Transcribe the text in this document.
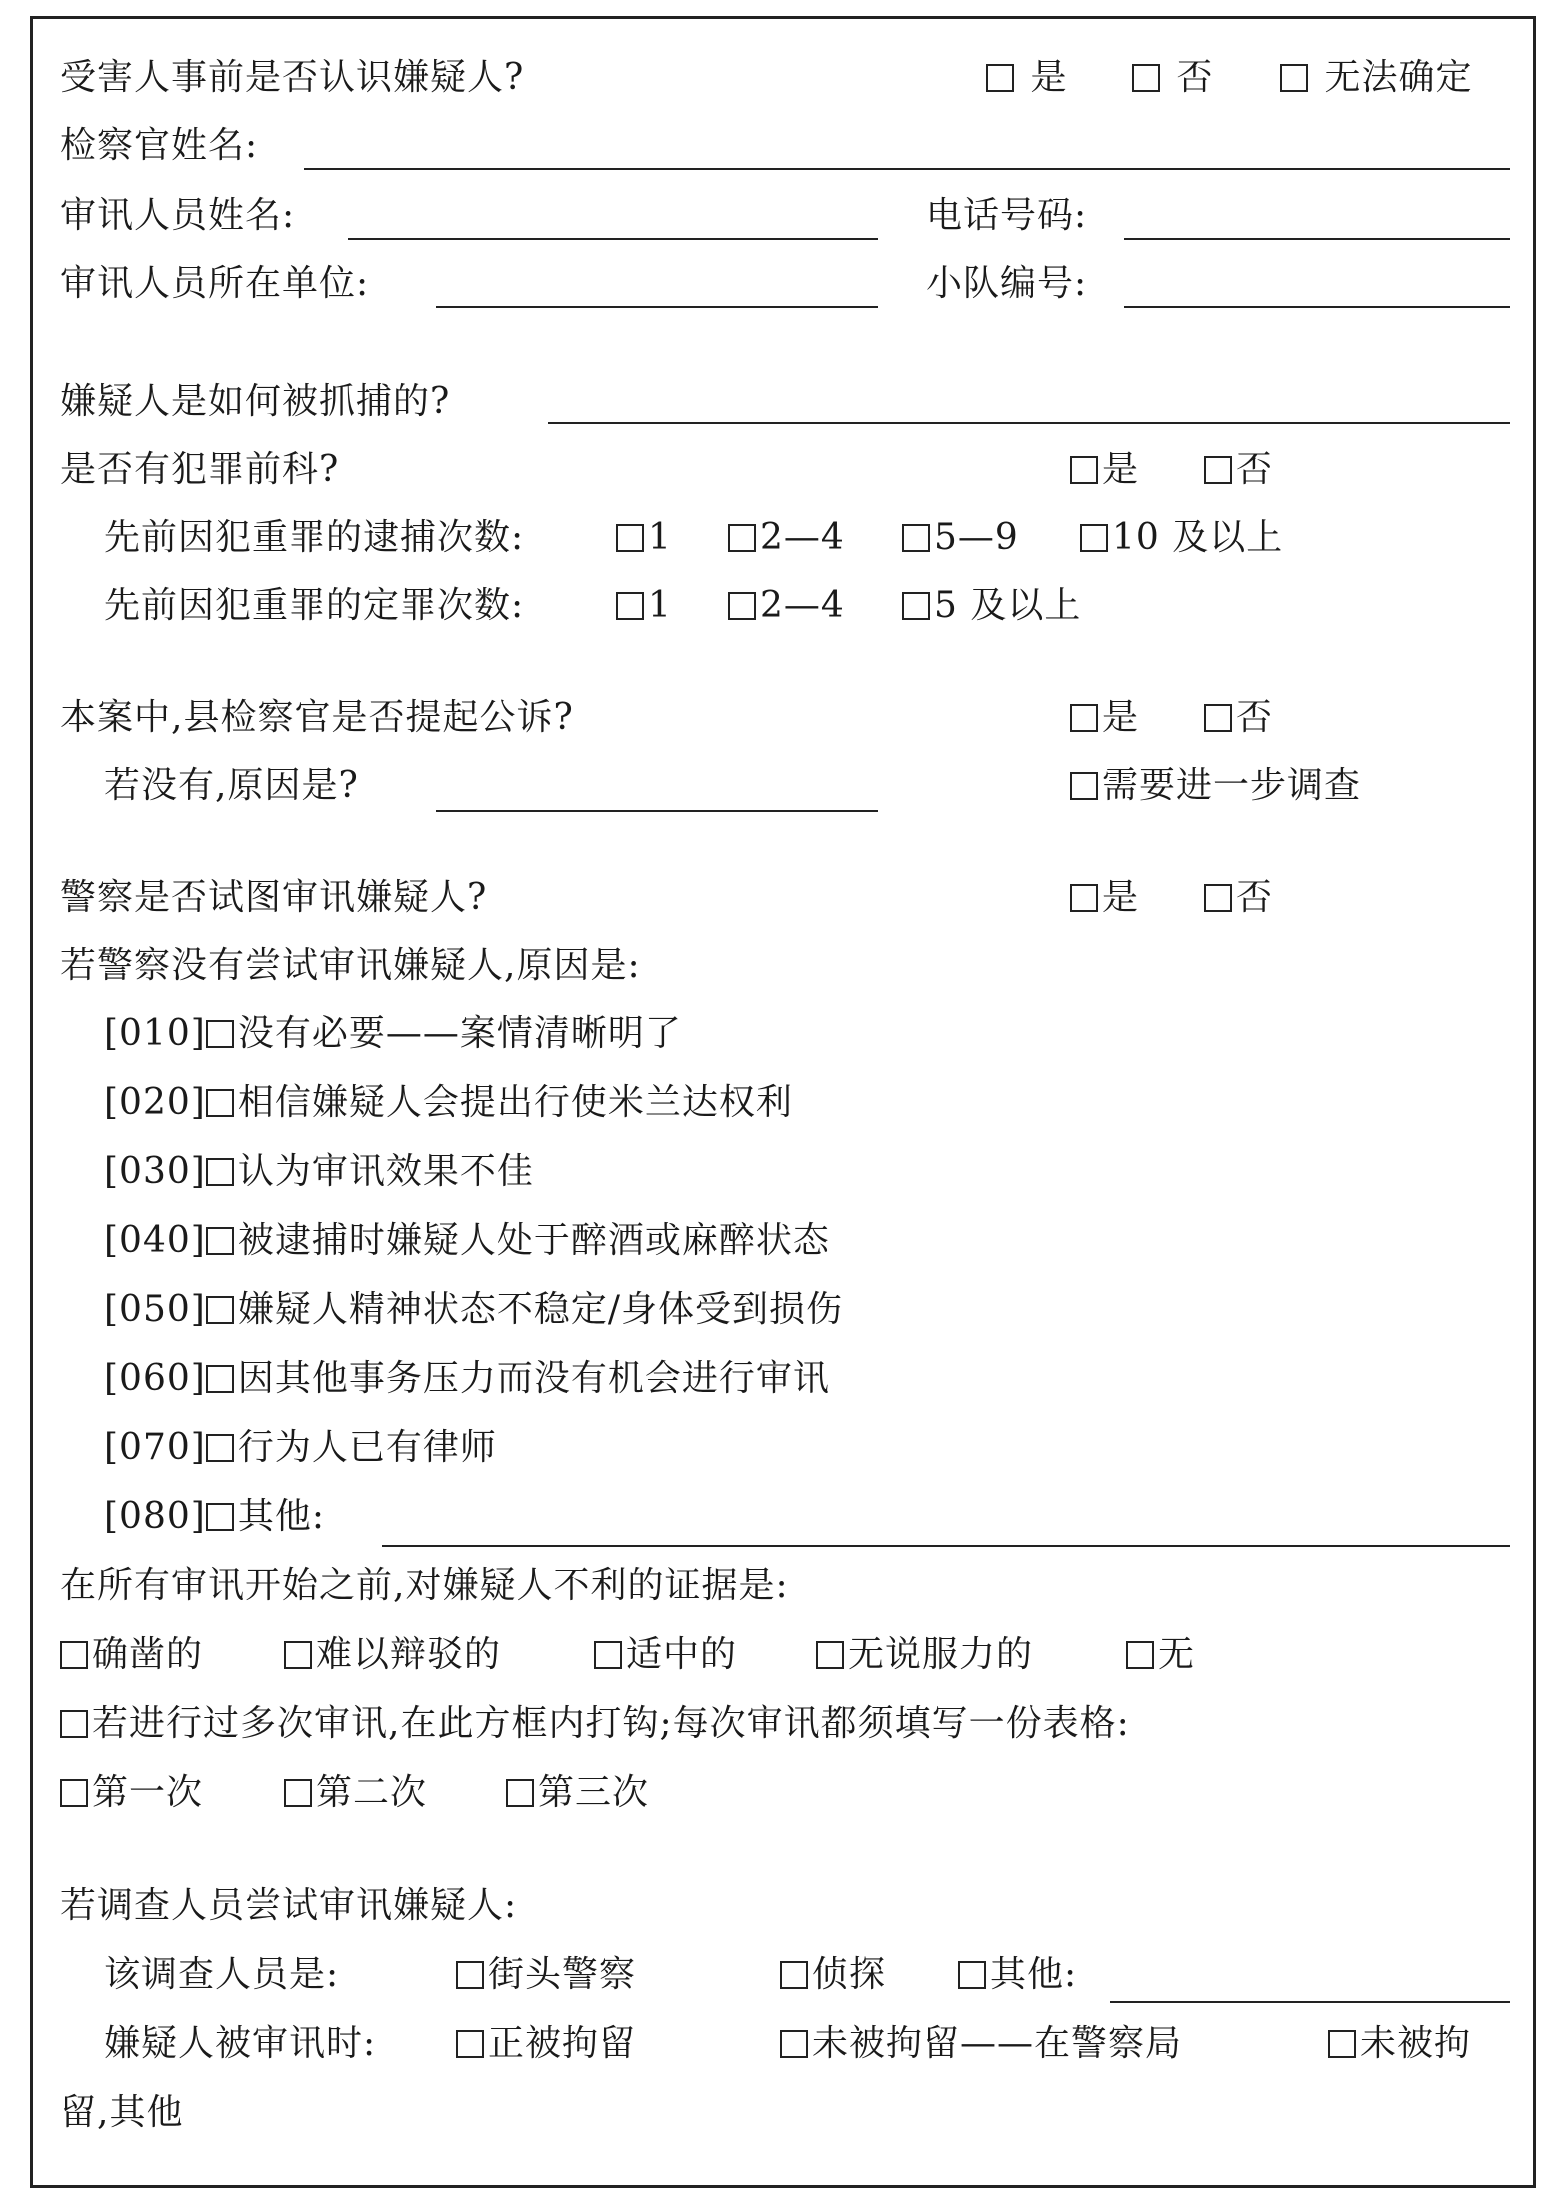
受害人事前是否认识嫌疑人?	是	否	无法确定
检察官姓名:
审讯人员姓名:	电话号码:
审讯人员所在单位:	小队编号:
嫌疑人是如何被抓捕的?
是否有犯罪前科?	是	否
先前因犯重罪的逮捕次数:	1	2—4	5—9	10 及以上
先前因犯重罪的定罪次数:	1	2—4	5 及以上
本案中,县检察官是否提起公诉?	是	否
若没有,原因是?	需要进一步调查
警察是否试图审讯嫌疑人?	是	否
若警察没有尝试审讯嫌疑人,原因是:
[010] 没有必要——案情清晰明了
[020] 相信嫌疑人会提出行使米兰达权利
[030] 认为审讯效果不佳
[040] 被逮捕时嫌疑人处于醉酒或麻醉状态
[050] 嫌疑人精神状态不稳定/身体受到损伤
[060] 因其他事务压力而没有机会进行审讯
[070] 行为人已有律师
[080] 其他:
在所有审讯开始之前,对嫌疑人不利的证据是:
确凿的	难以辩驳的	适中的	无说服力的	无
若进行过多次审讯,在此方框内打钩;每次审讯都须填写一份表格:
第一次	第二次	第三次
若调查人员尝试审讯嫌疑人:
该调查人员是:	街头警察	侦探	其他:
嫌疑人被审讯时:	正被拘留	未被拘留——在警察局	未被拘
留,其他
